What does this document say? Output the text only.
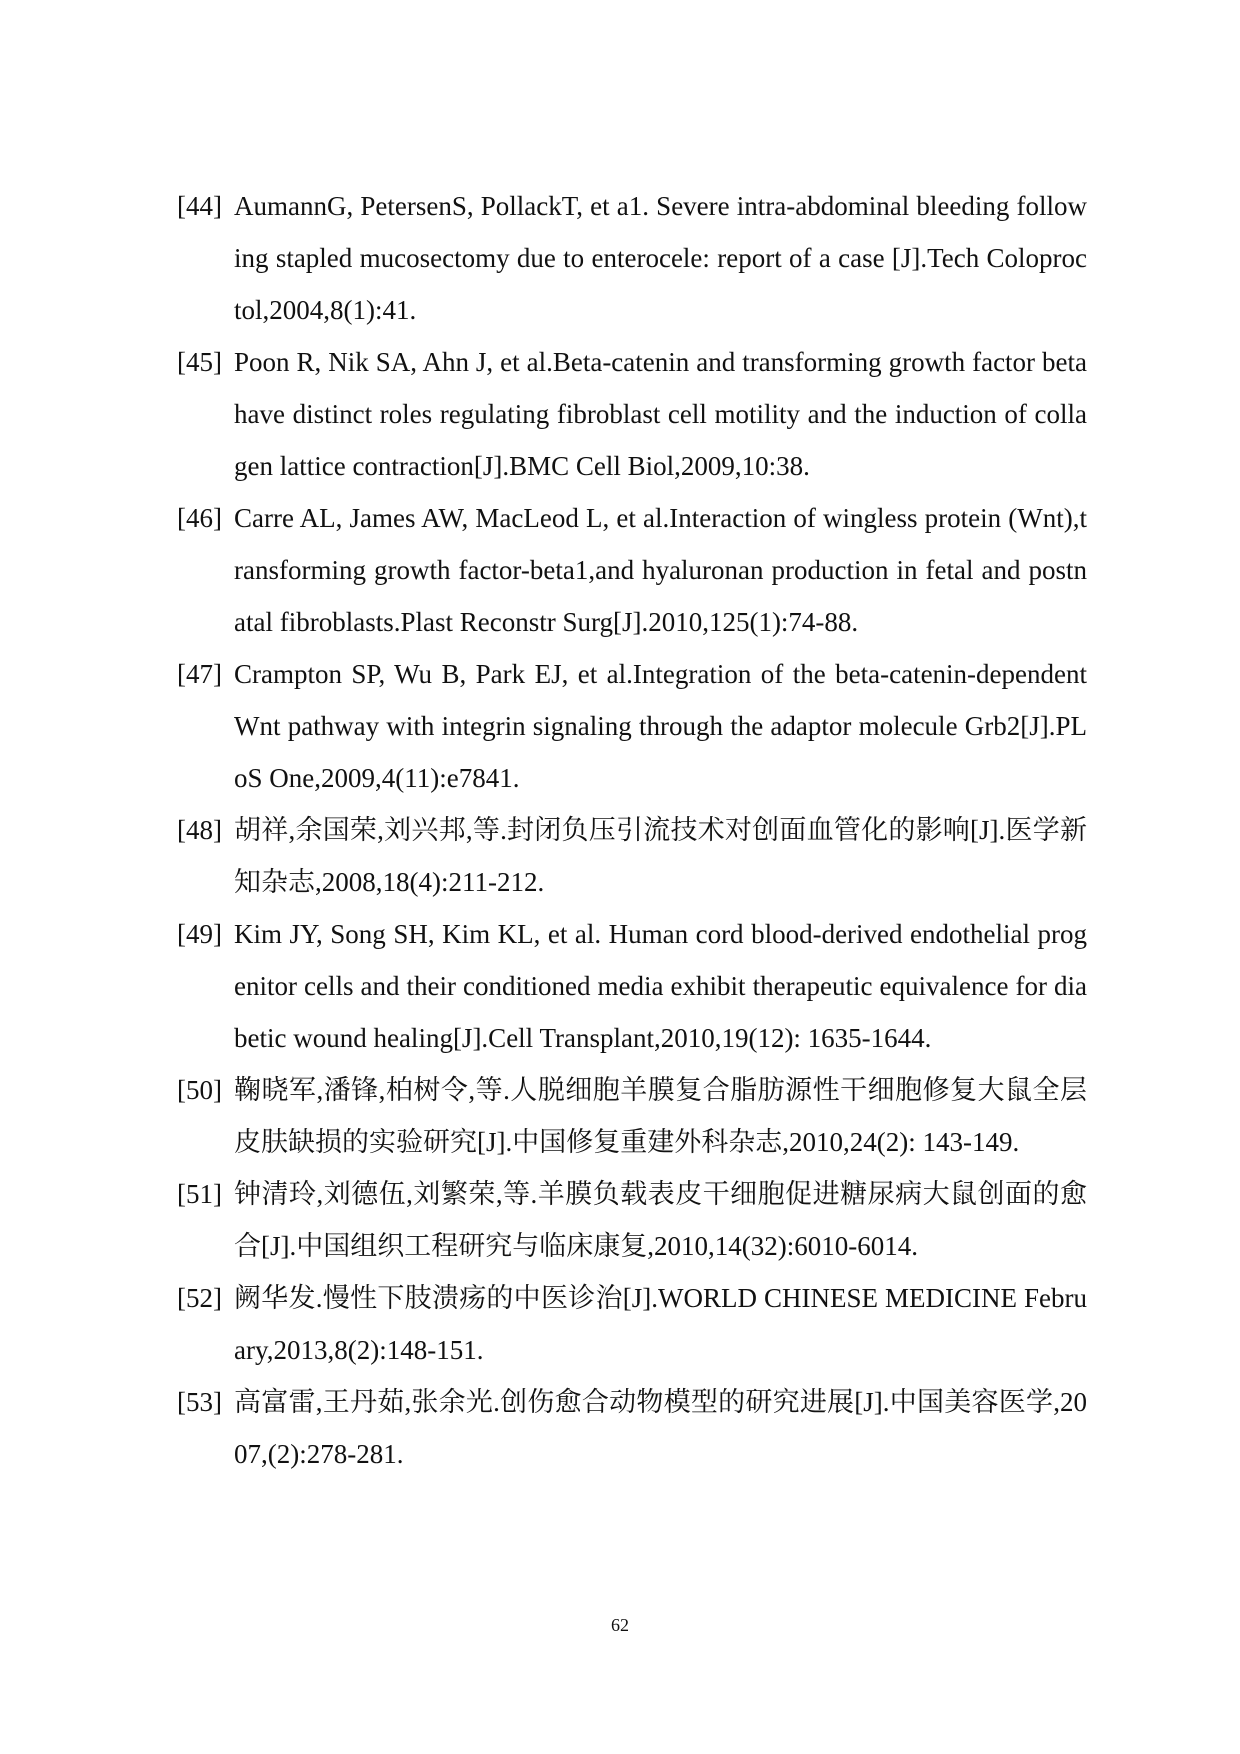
[44] AumannG, PetersenS, PollackT, et a1. Severe intra-abdominal bleeding following stapled mucosectomy due to enterocele: report of a case [J].Tech Coloproctol,2004,8(1):41.
[45] Poon R, Nik SA, Ahn J, et al.Beta-catenin and transforming growth factor beta have distinct roles regulating fibroblast cell motility and the induction of collagen lattice contraction[J].BMC Cell Biol,2009,10:38.
[46] Carre AL, James AW, MacLeod L, et al.Interaction of wingless protein (Wnt),transforming growth factor-beta1,and hyaluronan production in fetal and postnatal fibroblasts.Plast Reconstr Surg[J].2010,125(1):74-88.
[47] Crampton SP, Wu B, Park EJ, et al.Integration of the beta-catenin-dependent Wnt pathway with integrin signaling through the adaptor molecule Grb2[J].PLoS One,2009,4(11):e7841.
[48] 胡祥,余国荣,刘兴邦,等.封闭负压引流技术对创面血管化的影响[J].医学新知杂志,2008,18(4):211-212.
[49] Kim JY, Song SH, Kim KL, et al. Human cord blood-derived endothelial progenitor cells and their conditioned media exhibit therapeutic equivalence for diabetic wound healing[J].Cell Transplant,2010,19(12): 1635-1644.
[50] 鞠晓军,潘锋,柏树令,等.人脱细胞羊膜复合脂肪源性干细胞修复大鼠全层皮肤缺损的实验研究[J].中国修复重建外科杂志,2010,24(2): 143-149.
[51] 钟清玲,刘德伍,刘繁荣,等.羊膜负载表皮干细胞促进糖尿病大鼠创面的愈合[J].中国组织工程研究与临床康复,2010,14(32):6010-6014.
[52] 阙华发.慢性下肢溃疡的中医诊治[J].WORLD CHINESE MEDICINE February,2013,8(2):148-151.
[53] 高富雷,王丹茹,张余光.创伤愈合动物模型的研究进展[J].中国美容医学,2007,(2):278-281.
62
